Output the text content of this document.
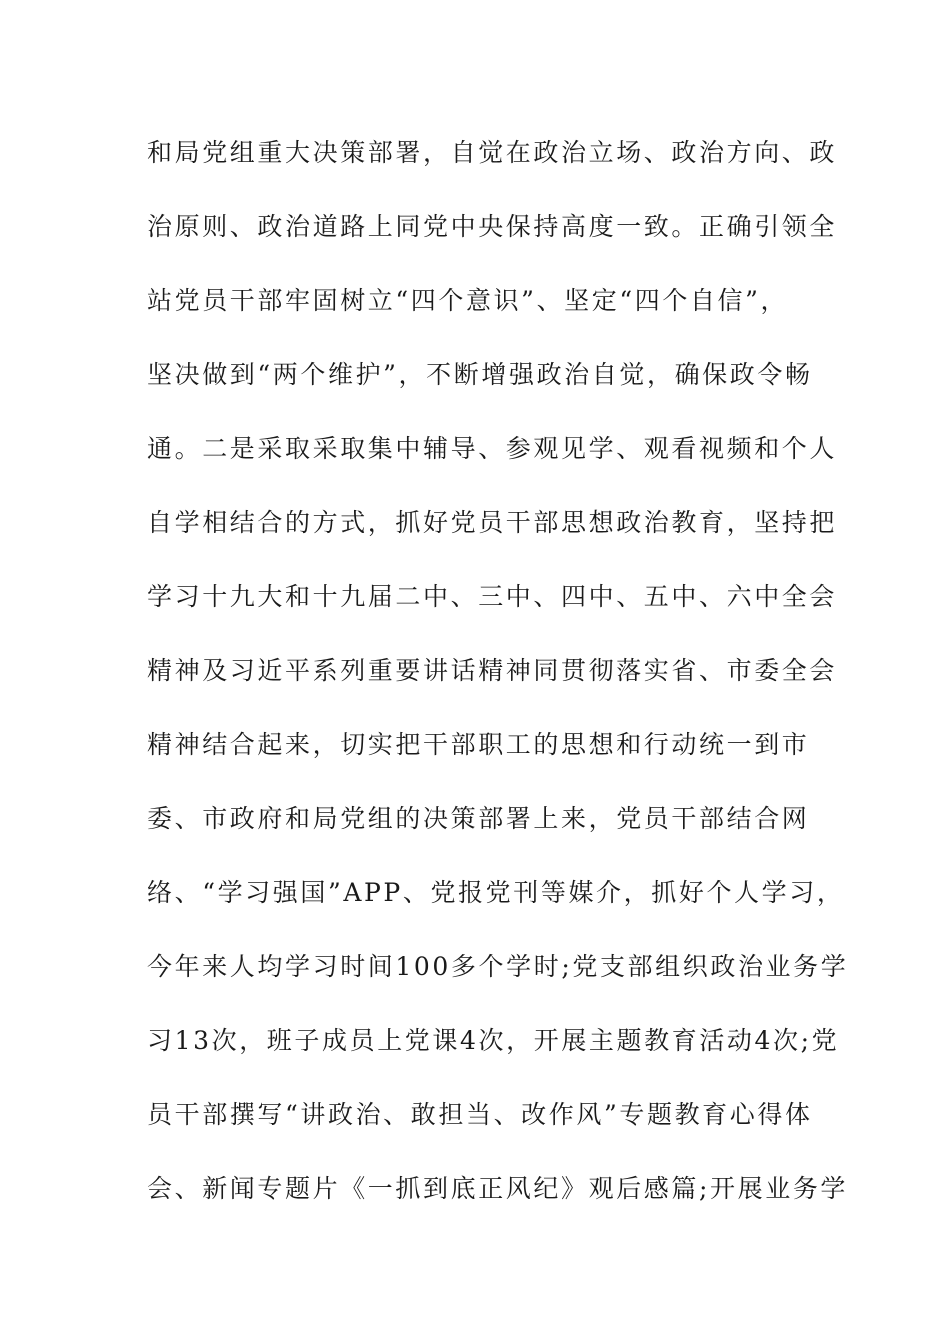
和局党组重大决策部署，自觉在政治立场、政治方向、政
治原则、政治道路上同党中央保持高度一致。正确引领全
站党员干部牢固树立“四个意识”、坚定“四个自信”，
坚决做到“两个维护”，不断增强政治自觉，确保政令畅
通。二是采取采取集中辅导、参观见学、观看视频和个人
自学相结合的方式，抓好党员干部思想政治教育，坚持把
学习十九大和十九届二中、三中、四中、五中、六中全会
精神及习近平系列重要讲话精神同贯彻落实省、市委全会
精神结合起来，切实把干部职工的思想和行动统一到市
委、市政府和局党组的决策部署上来，党员干部结合网
络、“学习强国”APP、党报党刊等媒介，抓好个人学习，
今年来人均学习时间100多个学时;党支部组织政治业务学
习13次，班子成员上党课4次，开展主题教育活动4次;党
员干部撰写“讲政治、敢担当、改作风”专题教育心得体
会、新闻专题片《一抓到底正风纪》观后感篇;开展业务学
